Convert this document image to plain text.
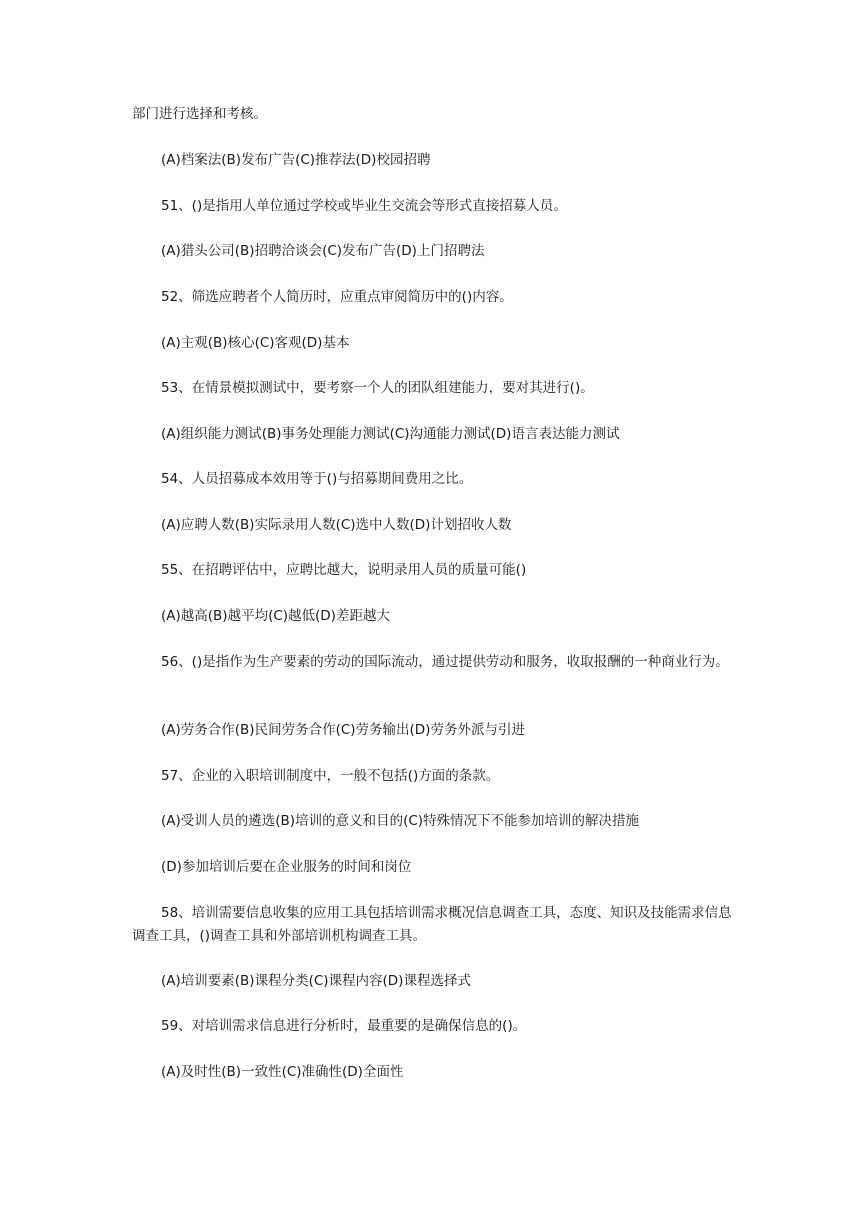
部门进行选择和考核。

(A)档案法(B)发布广告(C)推荐法(D)校园招聘

51、()是指用人单位通过学校或毕业生交流会等形式直接招募人员。

(A)猎头公司(B)招聘洽谈会(C)发布广告(D)上门招聘法

52、筛选应聘者个人简历时，应重点审阅简历中的()内容。

(A)主观(B)核心(C)客观(D)基本

53、在情景模拟测试中，要考察一个人的团队组建能力，要对其进行()。

(A)组织能力测试(B)事务处理能力测试(C)沟通能力测试(D)语言表达能力测试

54、人员招募成本效用等于()与招募期间费用之比。

(A)应聘人数(B)实际录用人数(C)选中人数(D)计划招收人数

55、在招聘评估中，应聘比越大，说明录用人员的质量可能()

(A)越高(B)越平均(C)越低(D)差距越大

56、()是指作为生产要素的劳动的国际流动，通过提供劳动和服务，收取报酬的一种商业行为。

(A)劳务合作(B)民间劳务合作(C)劳务输出(D)劳务外派与引进

57、企业的入职培训制度中，一般不包括()方面的条款。

(A)受训人员的遴选(B)培训的意义和目的(C)特殊情况下不能参加培训的解决措施

(D)参加培训后要在企业服务的时间和岗位

58、培训需要信息收集的应用工具包括培训需求概况信息调查工具，态度、知识及技能需求信息调查工具，()调查工具和外部培训机构调查工具。

(A)培训要素(B)课程分类(C)课程内容(D)课程选择式

59、对培训需求信息进行分析时，最重要的是确保信息的()。

(A)及时性(B)一致性(C)准确性(D)全面性
